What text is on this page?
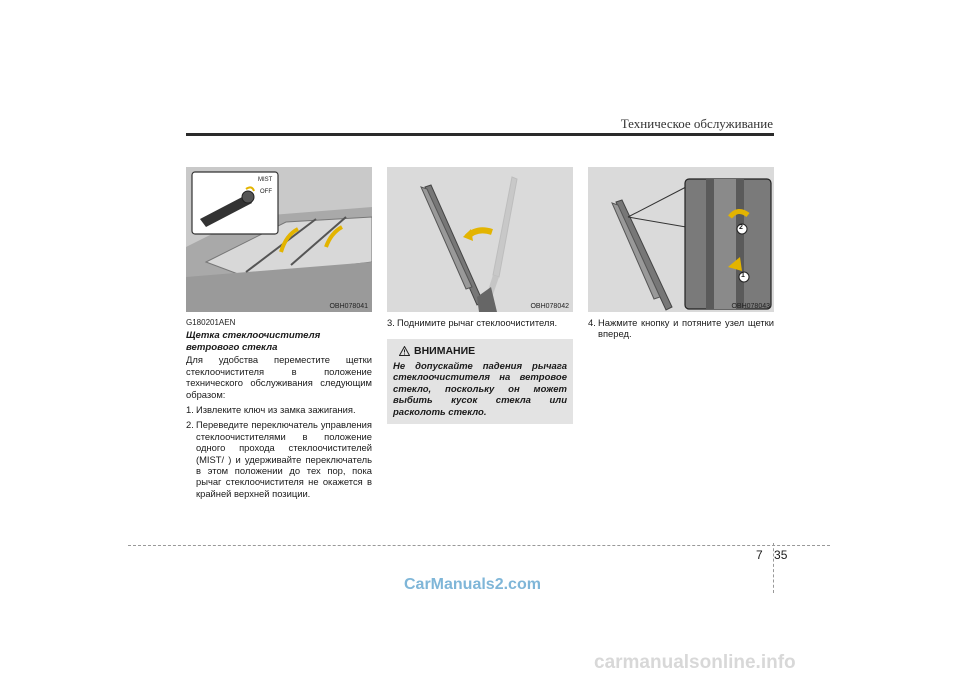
Техническое обслуживание
MIST
OFF
OBH078041	OBH078042
2
1
OBH078043
G180201AEN
Щетка стеклоочистителя ветрового стекла

Для удобства переместите щетки стеклоочистителя в положение технического обслуживания следующим образом:

1. Извлеките ключ из замка зажигания.
2. Переведите переключатель управления стеклоочистителями в положение одного прохода стеклоочистителей (MIST/ ) и удерживайте переключатель в этом положении до тех пор, пока рычаг стеклоочистителя не окажется в крайней верхней позиции.
3. Поднимите рычаг стеклоочистителя.
ВНИМАНИЕ
Не допускайте падения рычага стеклоочистителя на ветровое стекло, поскольку он может выбить кусок стекла или расколоть стекло.
4. Нажмите кнопку и потяните узел щетки вперед.
7 35
CarManuals2.com
carmanualsonline.info
